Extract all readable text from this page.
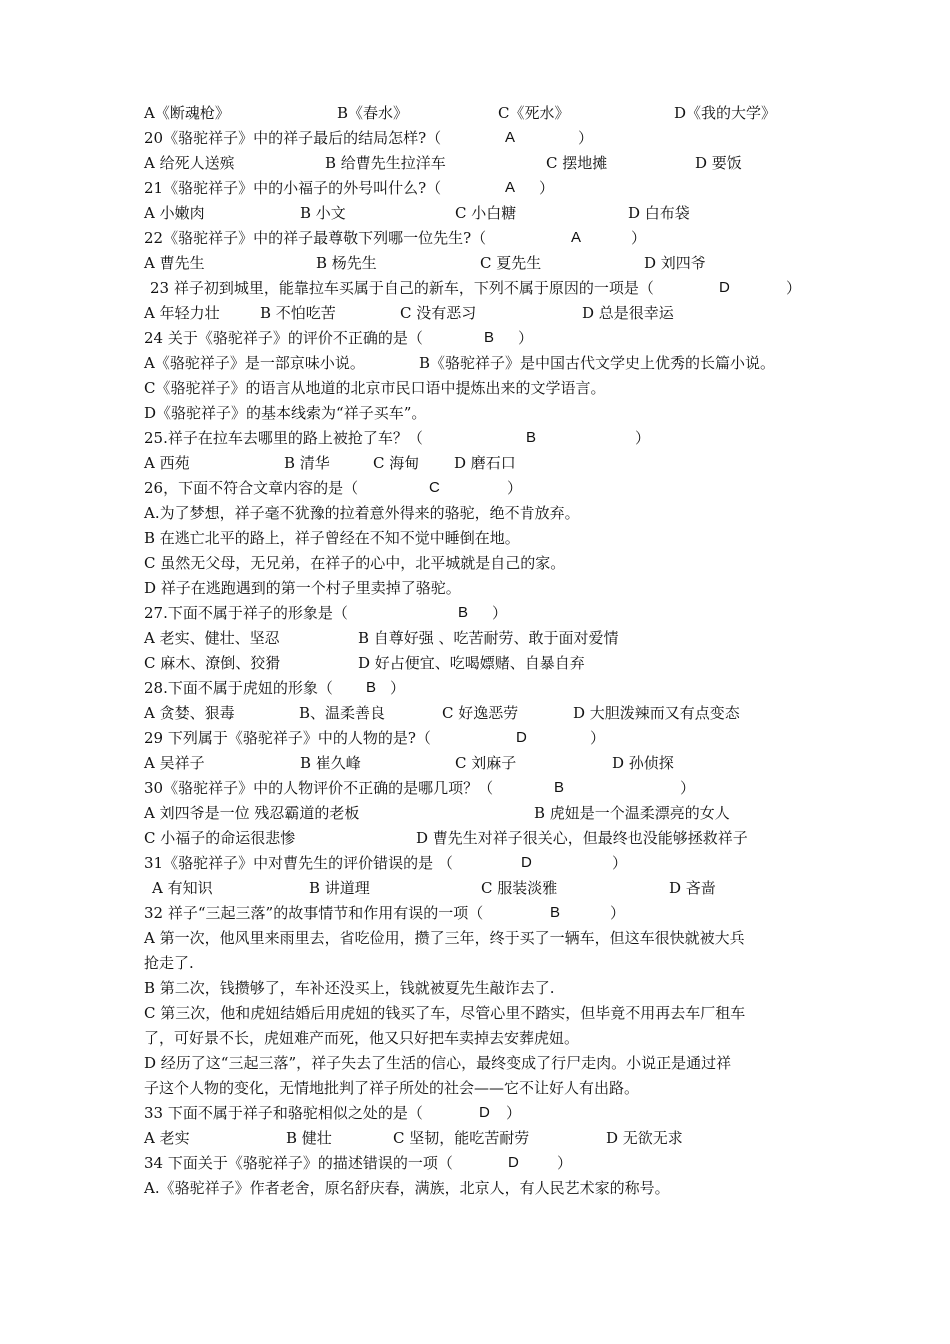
A《断魂枪》	B《春水》	C《死水》	D《我的大学》
20《骆驼祥子》中的祥子最后的结局怎样?（	A	）
A 给死人送殡	B 给曹先生拉洋车	C 摆地摊	D 要饭
21《骆驼祥子》中的小福子的外号叫什么?（	A ）
A 小嫩肉	B 小文	C 小白糖	D 白布袋
22《骆驼祥子》中的祥子最尊敬下列哪一位先生?（	A	）
A 曹先生	B 杨先生	C 夏先生	D 刘四爷
23 祥子初到城里，能靠拉车买属于自己的新车，下列不属于原因的一项是（	D	）
A 年轻力壮	B 不怕吃苦	C 没有恶习	D 总是很幸运
24 关于《骆驼祥子》的评价不正确的是（	B ）
A《骆驼祥子》是一部京味小说。	B《骆驼祥子》是中国古代文学史上优秀的长篇小说。
C《骆驼祥子》的语言从地道的北京市民口语中提炼出来的文学语言。
D《骆驼祥子》的基本线索为“祥子买车”。
25.祥子在拉车去哪里的路上被抢了车？（	B	）
A 西苑	B 清华	C 海甸 D 磨石口
26，下面不符合文章内容的是（	C	）
A.为了梦想，祥子毫不犹豫的拉着意外得来的骆驼，绝不肯放弃。
B 在逃亡北平的路上，祥子曾经在不知不觉中睡倒在地。
C 虽然无父母，无兄弟，在祥子的心中，北平城就是自己的家。
D 祥子在逃跑遇到的第一个村子里卖掉了骆驼。
27.下面不属于祥子的形象是（	B ）
A 老实、健壮、坚忍	B 自尊好强 、吃苦耐劳、敢于面对爱情
C 麻木、潦倒、狡猾	D 好占便宜、吃喝嫖赌、自暴自弃
28.下面不属于虎妞的形象（ B ）
A 贪婪、狠毒	B、温柔善良	C 好逸恶劳	D 大胆泼辣而又有点变态
29 下列属于《骆驼祥子》中的人物的是?（	D	）
A 吴祥子	B 崔久峰	C 刘麻子	D 孙侦探
30《骆驼祥子》中的人物评价不正确的是哪几项？（	B	）
A 刘四爷是一位 残忍霸道的老板	B 虎妞是一个温柔漂亮的女人
C 小福子的命运很悲惨	D 曹先生对祥子很关心，但最终也没能够拯救祥子
31《骆驼祥子》中对曹先生的评价错误的是 （	D	）
A 有知识	B 讲道理	C 服装淡雅	D 吝啬
32 祥子“三起三落”的故事情节和作用有误的一项（	B	）
A 第一次，他风里来雨里去，省吃俭用，攒了三年，终于买了一辆车，但这车很快就被大兵
抢走了.
B 第二次，钱攒够了，车补还没买上，钱就被夏先生敲诈去了.
C 第三次，他和虎妞结婚后用虎妞的钱买了车，尽管心里不踏实，但毕竟不用再去车厂租车
了，可好景不长，虎妞难产而死，他又只好把车卖掉去安葬虎妞。
D 经历了这“三起三落”，祥子失去了生活的信心，最终变成了行尸走肉。小说正是通过祥
子这个人物的变化，无情地批判了祥子所处的社会——它不让好人有出路。
33 下面不属于祥子和骆驼相似之处的是（	D ）
A 老实	B 健壮	C 坚韧，能吃苦耐劳	D 无欲无求
34 下面关于《骆驼祥子》的描述错误的一项（	D	）
A.《骆驼祥子》作者老舍，原名舒庆春，满族，北京人，有人民艺术家的称号。
